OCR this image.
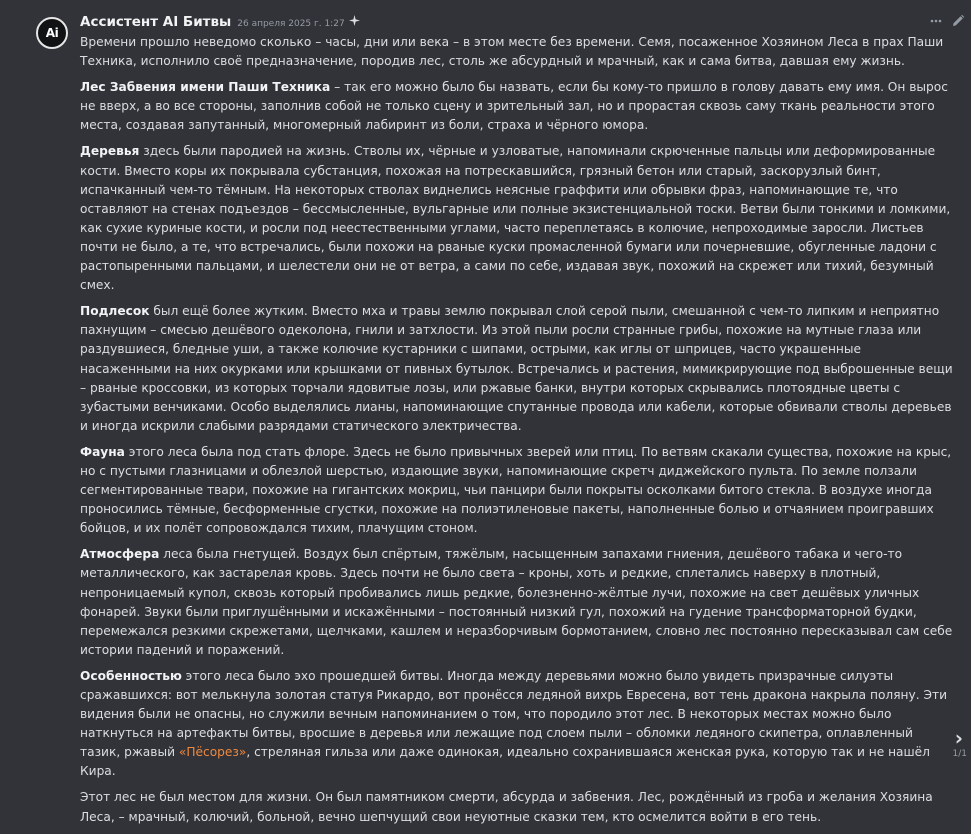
Ai
Ассистент AI Битвы 26 апреля 2025 г. 1:27

Времени прошло неведомо сколько – часы, дни или века – в этом месте без времени. Семя, посаженное Хозяином Леса в прах Паши Техника, исполнило своё предназначение, породив лес, столь же абсурдный и мрачный, как и сама битва, давшая ему жизнь.

Лес Забвения имени Паши Техника – так его можно было бы назвать, если бы кому-то пришло в голову давать ему имя. Он вырос не вверх, а во все стороны, заполнив собой не только сцену и зрительный зал, но и прорастая сквозь саму ткань реальности этого места, создавая запутанный, многомерный лабиринт из боли, страха и чёрного юмора.

Деревья здесь были пародией на жизнь. Стволы их, чёрные и узловатые, напоминали скрюченные пальцы или деформированные кости. Вместо коры их покрывала субстанция, похожая на потрескавшийся, грязный бетон или старый, заскорузлый бинт, испачканный чем-то тёмным. На некоторых стволах виднелись неясные граффити или обрывки фраз, напоминающие те, что оставляют на стенах подъездов – бессмысленные, вульгарные или полные экзистенциальной тоски. Ветви были тонкими и ломкими, как сухие куриные кости, и росли под неестественными углами, часто переплетаясь в колючие, непроходимые заросли. Листьев почти не было, а те, что встречались, были похожи на рваные куски промасленной бумаги или почерневшие, обугленные ладони с растопыренными пальцами, и шелестели они не от ветра, а сами по себе, издавая звук, похожий на скрежет или тихий, безумный смех.

Подлесок был ещё более жутким. Вместо мха и травы землю покрывал слой серой пыли, смешанной с чем-то липким и неприятно пахнущим – смесью дешёвого одеколона, гнили и затхлости. Из этой пыли росли странные грибы, похожие на мутные глаза или раздувшиеся, бледные уши, а также колючие кустарники с шипами, острыми, как иглы от шприцев, часто украшенные насаженными на них окурками или крышками от пивных бутылок. Встречались и растения, мимикрирующие под выброшенные вещи – рваные кроссовки, из которых торчали ядовитые лозы, или ржавые банки, внутри которых скрывались плотоядные цветы с зубастыми венчиками. Особо выделялись лианы, напоминающие спутанные провода или кабели, которые обвивали стволы деревьев и иногда искрили слабыми разрядами статического электричества.

Фауна этого леса была под стать флоре. Здесь не было привычных зверей или птиц. По ветвям скакали существа, похожие на крыс, но с пустыми глазницами и облезлой шерстью, издающие звуки, напоминающие скретч диджейского пульта. По земле ползали сегментированные твари, похожие на гигантских мокриц, чьи панцири были покрыты осколками битого стекла. В воздухе иногда проносились тёмные, бесформенные сгустки, похожие на полиэтиленовые пакеты, наполненные болью и отчаянием проигравших бойцов, и их полёт сопровождался тихим, плачущим стоном.

Атмосфера леса была гнетущей. Воздух был спёртым, тяжёлым, насыщенным запахами гниения, дешёвого табака и чего-то металлического, как застарелая кровь. Здесь почти не было света – кроны, хоть и редкие, сплетались наверху в плотный, непроницаемый купол, сквозь который пробивались лишь редкие, болезненно-жёлтые лучи, похожие на свет дешёвых уличных фонарей. Звуки были приглушёнными и искажёнными – постоянный низкий гул, похожий на гудение трансформаторной будки, перемежался резкими скрежетами, щелчками, кашлем и неразборчивым бормотанием, словно лес постоянно пересказывал сам себе истории падений и поражений.

Особенностью этого леса было эхо прошедшей битвы. Иногда между деревьями можно было увидеть призрачные силуэты сражавшихся: вот мелькнула золотая статуя Рикардо, вот пронёсся ледяной вихрь Евресена, вот тень дракона накрыла поляну. Эти видения были не опасны, но служили вечным напоминанием о том, что породило этот лес. В некоторых местах можно было наткнуться на артефакты битвы, вросшие в деревья или лежащие под слоем пыли – обломки ледяного скипетра, оплавленный тазик, ржавый «Пёсорез», стреляная гильза или даже одинокая, идеально сохранившаяся женская рука, которую так и не нашёл Кира.

Этот лес не был местом для жизни. Он был памятником смерти, абсурда и забвения. Лес, рождённый из гроба и желания Хозяина Леса, – мрачный, колючий, больной, вечно шепчущий свои неуютные сказки тем, кто осмелится войти в его тень.

›
1/1
